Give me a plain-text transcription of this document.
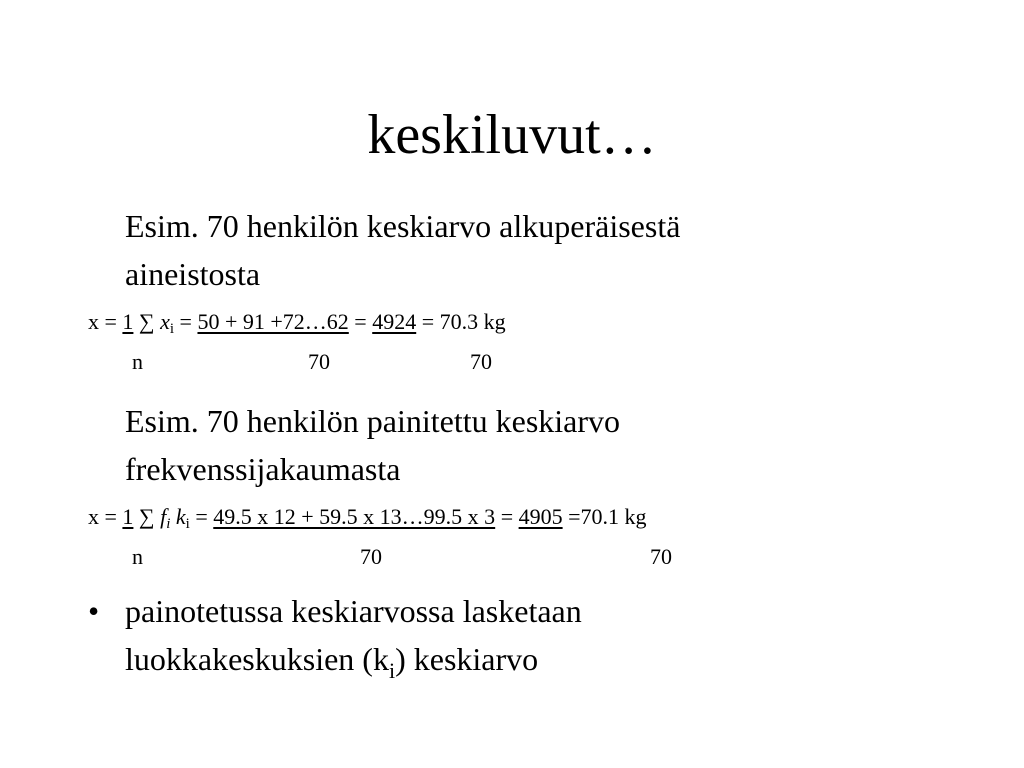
keskiluvut…
Esim. 70 henkilön keskiarvo alkuperäisestä
aineistosta
x = 1 ∑ $x_i = 50 + 91$ +72…62 = 4924 = 70.3 kg
n	70	70
Esim. 70 henkilön painitettu keskiarvo
frekvenssijakaumasta
x = 1 ∑ $f_i$ $k_i = 49.5$ x 12 + 59.5 x 13…99.5 x 3 = 4905 =70.1 kg
n	70	70
• painotetussa keskiarvossa lasketaan
luokkakeskuksien $(k_i)$ keskiarvo
